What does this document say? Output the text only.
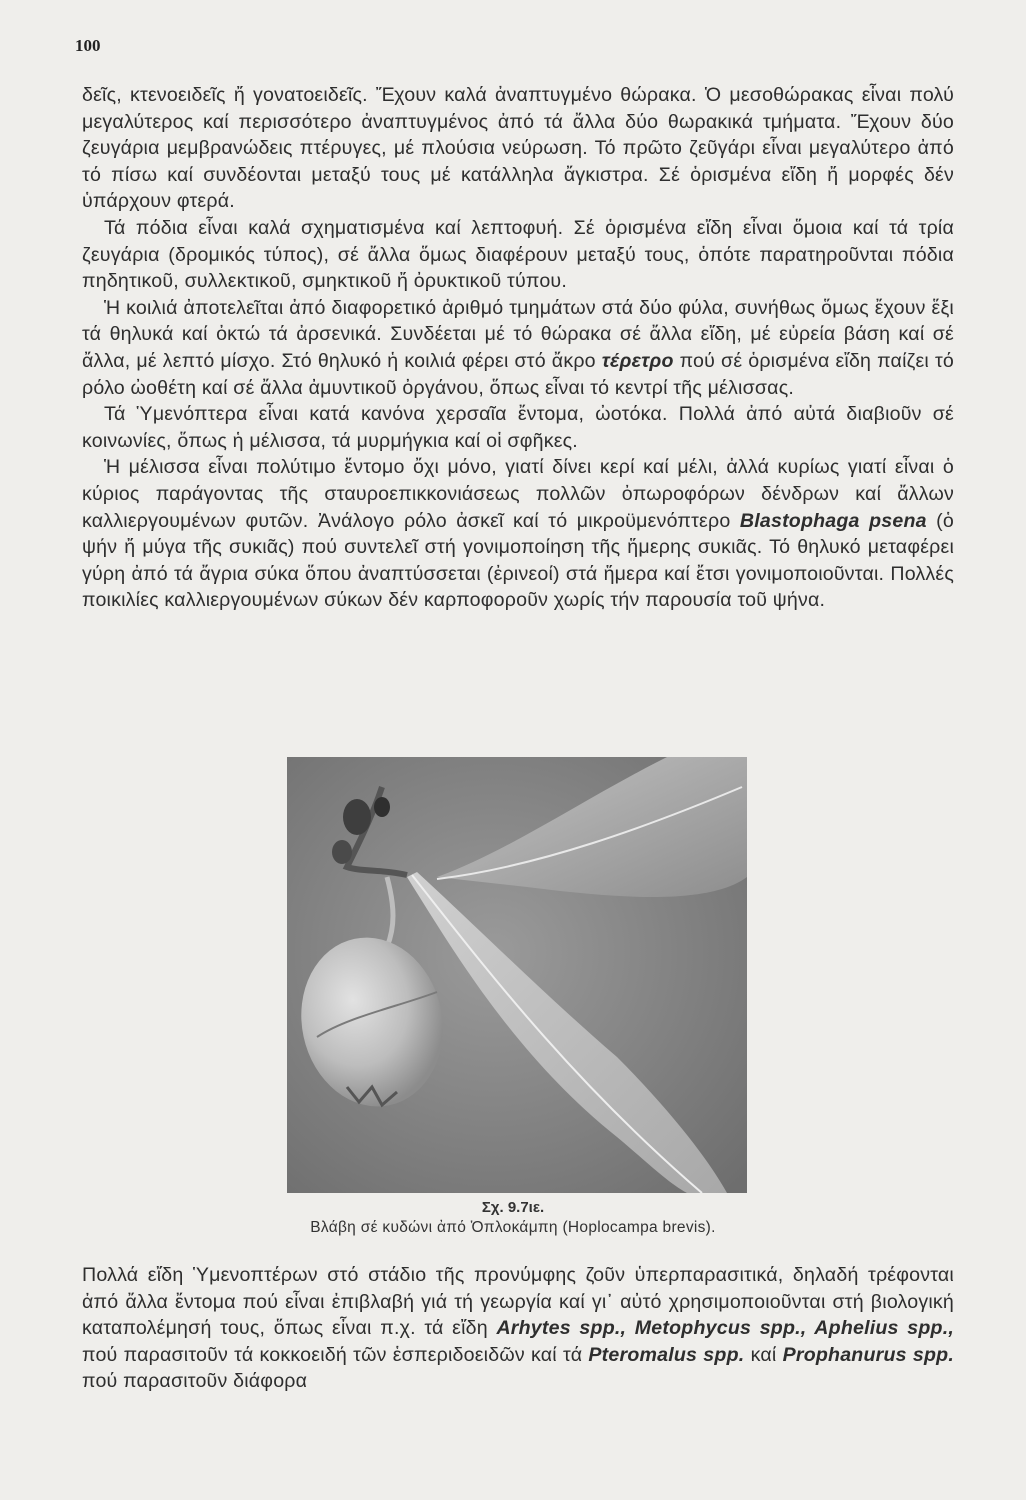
100

δεῖς, κτενοειδεῖς ἤ γονατοειδεῖς. Ἔχουν καλά ἀναπτυγμένο θώρακα. Ὁ μεσοθώρακας εἶναι πολύ μεγαλύτερος καί περισσότερο ἀναπτυγμένος ἀπό τά ἄλλα δύο θωρακικά τμήματα. Ἔχουν δύο ζευγάρια μεμβρανώδεις πτέρυγες, μέ πλούσια νεύρωση. Τό πρῶτο ζεῦγάρι εἶναι μεγαλύτερο ἀπό τό πίσω καί συνδέονται μεταξύ τους μέ κατάλληλα ἄγκιστρα. Σέ ὁρισμένα εἴδη ἤ μορφές δέν ὑπάρχουν φτερά.

Τά πόδια εἶναι καλά σχηματισμένα καί λεπτοφυή. Σέ ὁρισμένα εἴδη εἶναι ὅμοια καί τά τρία ζευγάρια (δρομικός τύπος), σέ ἄλλα ὅμως διαφέρουν μεταξύ τους, ὁπότε παρατηροῦνται πόδια πηδητικοῦ, συλλεκτικοῦ, σμηκτικοῦ ἤ ὀρυκτικοῦ τύπου.

Ἡ κοιλιά ἀποτελεῖται ἀπό διαφορετικό ἀριθμό τμημάτων στά δύο φύλα, συνήθως ὅμως ἔχουν ἕξι τά θηλυκά καί ὀκτώ τά ἀρσενικά. Συνδέεται μέ τό θώρακα σέ ἄλλα εἴδη, μέ εὐρεία βάση καί σέ ἄλλα, μέ λεπτό μίσχο. Στό θηλυκό ἡ κοιλιά φέρει στό ἄκρο τέρετρο πού σέ ὁρισμένα εἴδη παίζει τό ρόλο ὠοθέτη καί σέ ἄλλα ἀμυντικοῦ ὀργάνου, ὅπως εἶναι τό κεντρί τῆς μέλισσας.

Τά Ὑμενόπτερα εἶναι κατά κανόνα χερσαῖα ἔντομα, ὠοτόκα. Πολλά ἀπό αὐτά διαβιοῦν σέ κοινωνίες, ὅπως ἡ μέλισσα, τά μυρμήγκια καί οἱ σφῆκες.

Ἡ μέλισσα εἶναι πολύτιμο ἔντομο ὄχι μόνο, γιατί δίνει κερί καί μέλι, ἀλλά κυρίως γιατί εἶναι ὁ κύριος παράγοντας τῆς σταυροεπικκονιάσεως πολλῶν ὀπωροφόρων δένδρων καί ἄλλων καλλιεργουμένων φυτῶν. Ἀνάλογο ρόλο ἀσκεῖ καί τό μικροϋμενόπτερο Blastophaga psena (ὁ ψήν ἤ μύγα τῆς συκιᾶς) πού συντελεῖ στή γονιμοποίηση τῆς ἥμερης συκιᾶς. Τό θηλυκό μεταφέρει γύρη ἀπό τά ἄγρια σύκα ὅπου ἀναπτύσσεται (ἐρινεοί) στά ἥμερα καί ἔτσι γονιμοποιοῦνται. Πολλές ποικιλίες καλλιεργουμένων σύκων δέν καρποφοροῦν χωρίς τήν παρουσία τοῦ ψήνα.

Σχ. 9.7ιε.
Βλάβη σέ κυδώνι ἀπό Ὁπλοκάμπη (Hoplocampa brevis).

Πολλά εἴδη Ὑμενοπτέρων στό στάδιο τῆς προνύμφης ζοῦν ὑπερπαρασιτικά, δηλαδή τρέφονται ἀπό ἄλλα ἔντομα πού εἶναι ἐπιβλαβή γιά τή γεωργία καί γι᾽ αὐτό χρησιμοποιοῦνται στή βιολογική καταπολέμησή τους, ὅπως εἶναι π.χ. τά εἴδη Arhytes spp., Metophycus spp., Aphelius spp., πού παρασιτοῦν τά κοκκοειδή τῶν ἑσπεριδοειδῶν καί τά Pteromalus spp. καί Prophanurus spp. πού παρασιτοῦν διάφορα
